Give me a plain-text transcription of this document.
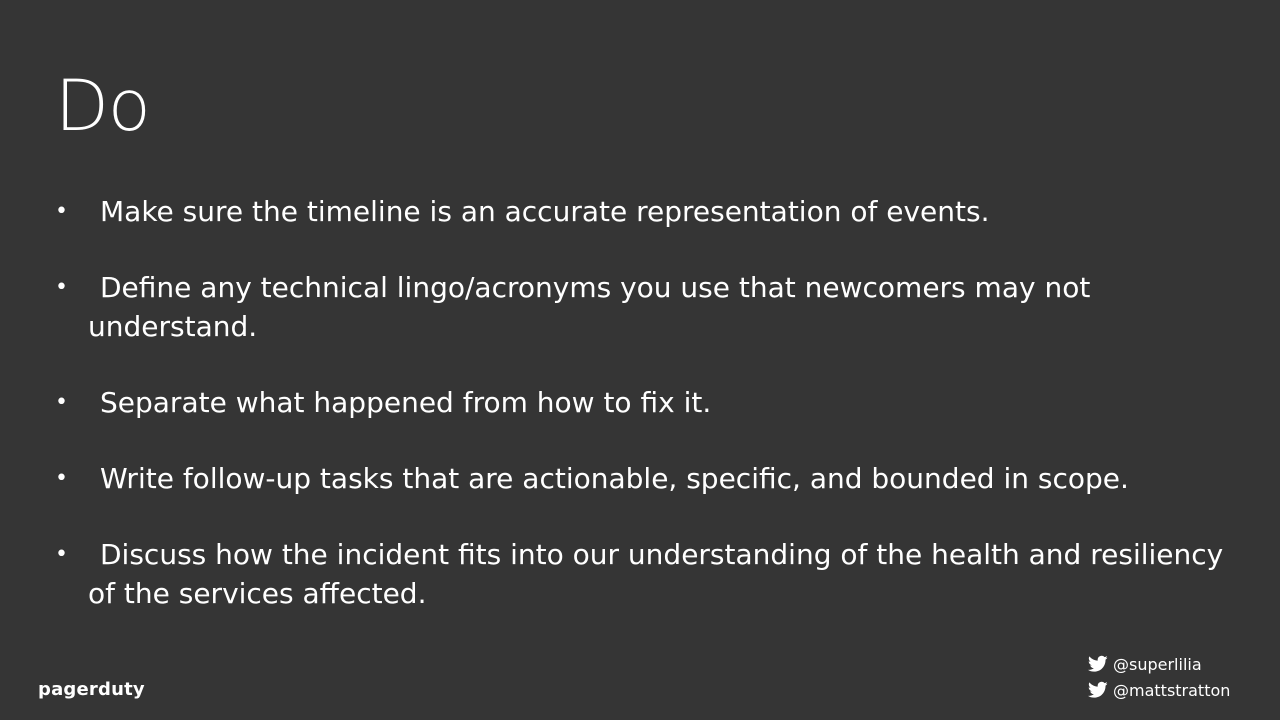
Do
•	Make sure the timeline is an accurate representation of events.
•	Define any technical lingo/acronyms you use that newcomers may not understand.
•	Separate what happened from how to fix it.
•	Write follow-up tasks that are actionable, specific, and bounded in scope.
•	Discuss how the incident fits into our understanding of the health and resiliency of the services affected.
pagerduty
@superlilia
@mattstratton
